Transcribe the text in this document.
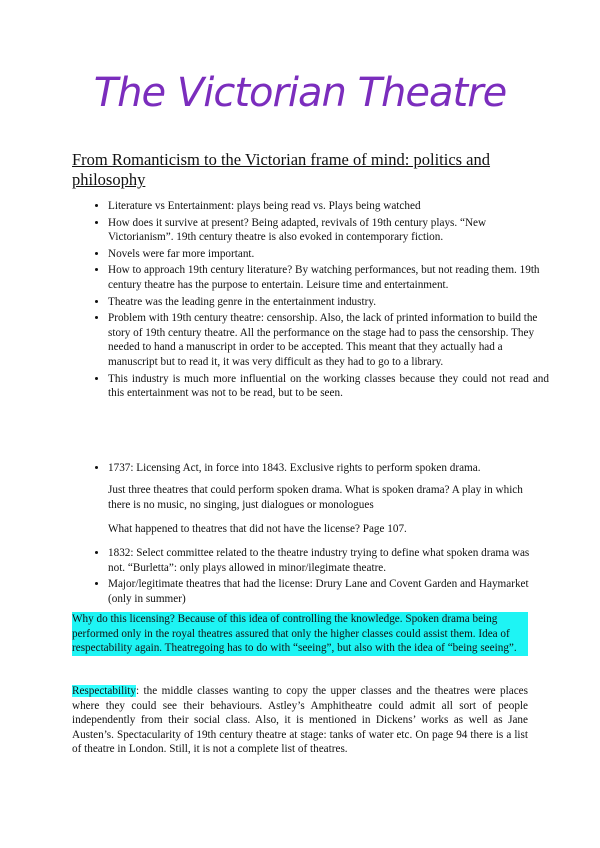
The Victorian Theatre
From Romanticism to the Victorian frame of mind: politics and philosophy
• Literature vs Entertainment: plays being read vs. Plays being watched
• How does it survive at present? Being adapted, revivals of 19th century plays. “New Victorianism”. 19th century theatre is also evoked in contemporary fiction.
• Novels were far more important.
• How to approach 19th century literature? By watching performances, but not reading them. 19th century theatre has the purpose to entertain. Leisure time and entertainment.
• Theatre was the leading genre in the entertainment industry.
• Problem with 19th century theatre: censorship. Also, the lack of printed information to build the story of 19th century theatre. All the performance on the stage had to pass the censorship. They needed to hand a manuscript in order to be accepted. This meant that they actually had a manuscript but to read it, it was very difficult as they had to go to a library.
• This industry is much more influential on the working classes because they could not read and this entertainment was not to be read, but to be seen.
• 1737: Licensing Act, in force into 1843. Exclusive rights to perform spoken drama.
Just three theatres that could perform spoken drama. What is spoken drama? A play in which there is no music, no singing, just dialogues or monologues
What happened to theatres that did not have the license? Page 107.
• 1832: Select committee related to the theatre industry trying to define what spoken drama was not. “Burletta”: only plays allowed in minor/ilegimate theatre.
• Major/legitimate theatres that had the license: Drury Lane and Covent Garden and Haymarket (only in summer)
Why do this licensing? Because of this idea of controlling the knowledge. Spoken drama being performed only in the royal theatres assured that only the higher classes could assist them. Idea of respectability again. Theatregoing has to do with “seeing”, but also with the idea of “being seeing”.
Respectability: the middle classes wanting to copy the upper classes and the theatres were places where they could see their behaviours. Astley’s Amphitheatre could admit all sort of people independently from their social class. Also, it is mentioned in Dickens’ works as well as Jane Austen’s. Spectacularity of 19th century theatre at stage: tanks of water etc. On page 94 there is a list of theatre in London. Still, it is not a complete list of theatres.
